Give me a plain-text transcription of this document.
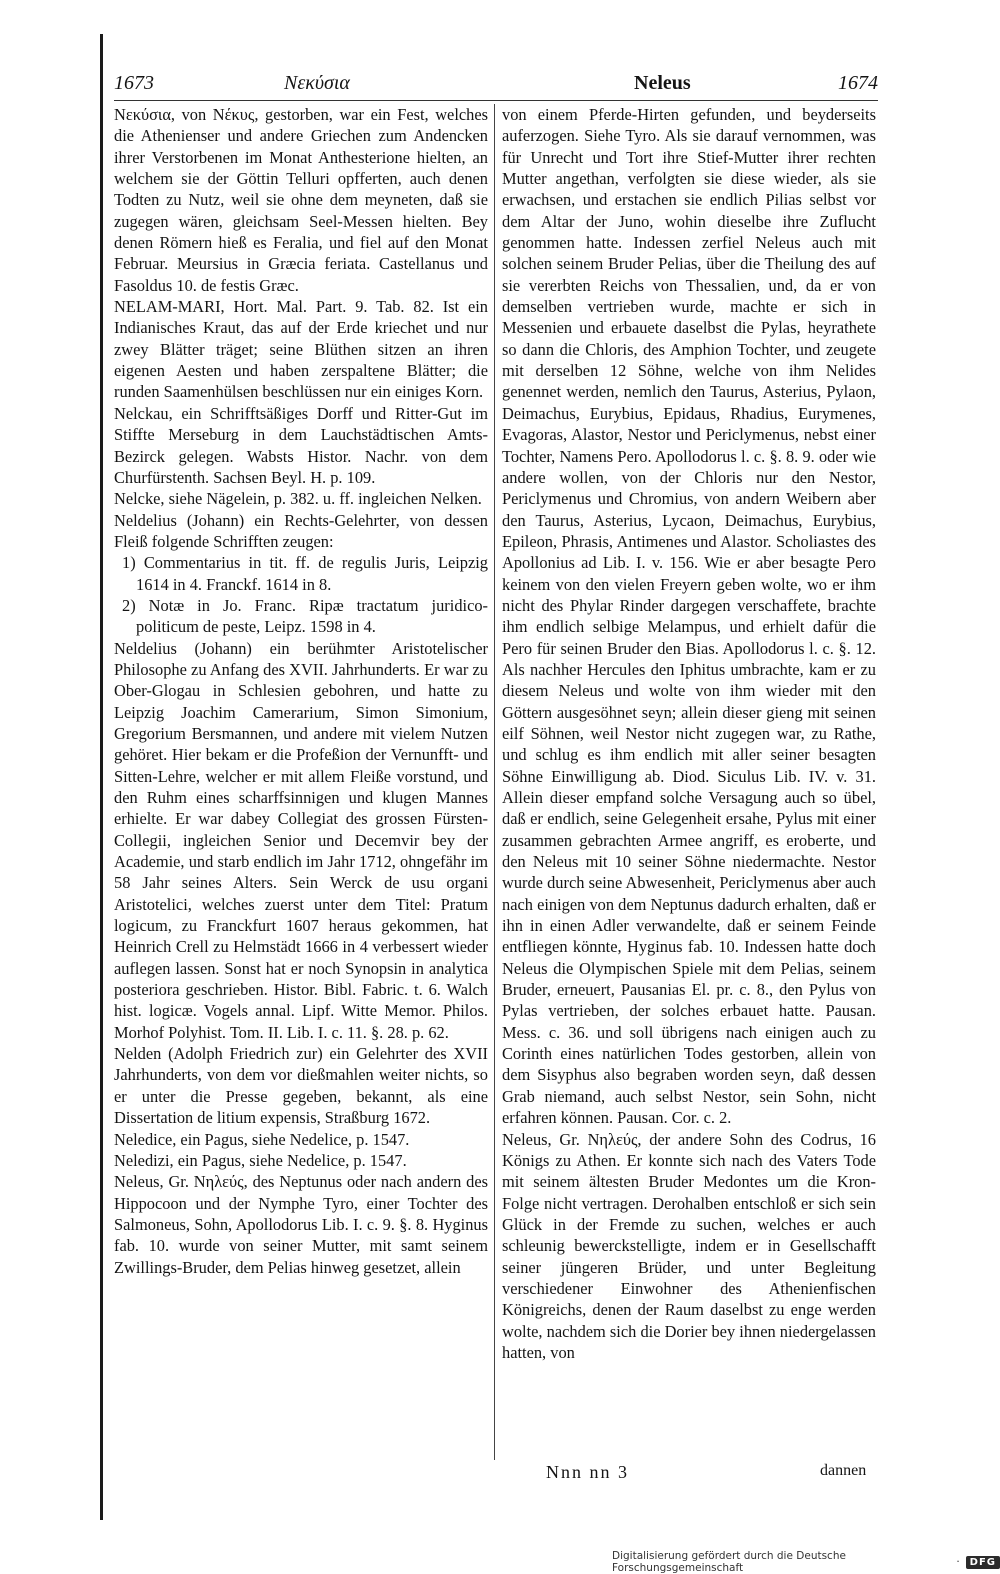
1673	Νεκύσια	Neleus	1674

Νεκύσια, von Νέκυς, gestorben, war ein Fest, welches die Athenienser und andere Griechen zum Andencken ihrer Verstorbenen im Monat Anthesterione hielten, an welchem sie der Göttin Telluri opfferten, auch denen Todten zu Nutz, weil sie ohne dem meyneten, daß sie zugegen wären, gleichsam Seel-Messen hielten. Bey denen Römern hieß es Feralia, und fiel auf den Monat Februar. Meursius in Græcia feriata. Castellanus und Fasoldus 10. de festis Græc.

NELAM-MARI, Hort. Mal. Part. 9. Tab. 82. Ist ein Indianisches Kraut, das auf der Erde kriechet und nur zwey Blätter träget; seine Blüthen sitzen an ihren eigenen Aesten und haben zerspaltene Blätter; die runden Saamenhülsen beschlüssen nur ein einiges Korn.

Nelckau, ein Schrifftsäßiges Dorff und Ritter-Gut im Stiffte Merseburg in dem Lauchstädtischen Amts-Bezirck gelegen. Wabsts Histor. Nachr. von dem Churfürstenth. Sachsen Beyl. H. p. 109.

Nelcke, siehe Nägelein, p. 382. u. ff. ingleichen Nelken.

Neldelius (Johann) ein Rechts-Gelehrter, von dessen Fleiß folgende Schrifften zeugen:

1) Commentarius in tit. ff. de regulis Juris, Leipzig 1614 in 4. Franckf. 1614 in 8.

2) Notæ in Jo. Franc. Ripæ tractatum juridico-politicum de peste, Leipz. 1598 in 4.

Neldelius (Johann) ein berühmter Aristotelischer Philosophe zu Anfang des XVII. Jahrhunderts. Er war zu Ober-Glogau in Schlesien gebohren, und hatte zu Leipzig Joachim Camerarium, Simon Simonium, Gregorium Bersmannen, und andere mit vielem Nutzen gehöret. Hier bekam er die Profeßion der Vernunfft- und Sitten-Lehre, welcher er mit allem Fleiße vorstund, und den Ruhm eines scharffsinnigen und klugen Mannes erhielte. Er war dabey Collegiat des grossen Fürsten-Collegii, ingleichen Senior und Decemvir bey der Academie, und starb endlich im Jahr 1712, ohngefähr im 58 Jahr seines Alters. Sein Werck de usu organi Aristotelici, welches zuerst unter dem Titel: Pratum logicum, zu Franckfurt 1607 heraus gekommen, hat Heinrich Crell zu Helmstädt 1666 in 4 verbessert wieder auflegen lassen. Sonst hat er noch Synopsin in analytica posteriora geschrieben. Histor. Bibl. Fabric. t. 6. Walch hist. logicæ. Vogels annal. Lipf. Witte Memor. Philos. Morhof Polyhist. Tom. II. Lib. I. c. 11. §. 28. p. 62.

Nelden (Adolph Friedrich zur) ein Gelehrter des XVII Jahrhunderts, von dem vor dießmahlen weiter nichts, so er unter die Presse gegeben, bekannt, als eine Dissertation de litium expensis, Straßburg 1672.

Neledice, ein Pagus, siehe Nedelice, p. 1547.

Neledizi, ein Pagus, siehe Nedelice, p. 1547.

Neleus, Gr. Νηλεύς, des Neptunus oder nach andern des Hippocoon und der Nymphe Tyro, einer Tochter des Salmoneus, Sohn, Apollodorus Lib. I. c. 9. §. 8. Hyginus fab. 10. wurde von seiner Mutter, mit samt seinem Zwillings-Bruder, dem Pelias hinweg gesetzet, allein

von einem Pferde-Hirten gefunden, und beyderseits auferzogen. Siehe Tyro. Als sie darauf vernommen, was für Unrecht und Tort ihre Stief-Mutter ihrer rechten Mutter angethan, verfolgten sie diese wieder, als sie erwachsen, und erstachen sie endlich Pilias selbst vor dem Altar der Juno, wohin dieselbe ihre Zuflucht genommen hatte. Indessen zerfiel Neleus auch mit solchen seinem Bruder Pelias, über die Theilung des auf sie vererbten Reichs von Thessalien, und, da er von demselben vertrieben wurde, machte er sich in Messenien und erbauete daselbst die Pylas, heyrathete so dann die Chloris, des Amphion Tochter, und zeugete mit derselben 12 Söhne, welche von ihm Nelides genennet werden, nemlich den Taurus, Asterius, Pylaon, Deimachus, Eurybius, Epidaus, Rhadius, Eurymenes, Evagoras, Alastor, Nestor und Periclymenus, nebst einer Tochter, Namens Pero. Apollodorus l. c. §. 8. 9. oder wie andere wollen, von der Chloris nur den Nestor, Periclymenus und Chromius, von andern Weibern aber den Taurus, Asterius, Lycaon, Deimachus, Eurybius, Epileon, Phrasis, Antimenes und Alastor. Scholiastes des Apollonius ad Lib. I. v. 156. Wie er aber besagte Pero keinem von den vielen Freyern geben wolte, wo er ihm nicht des Phylar Rinder dargegen verschaffete, brachte ihm endlich selbige Melampus, und erhielt dafür die Pero für seinen Bruder den Bias. Apollodorus l. c. §. 12. Als nachher Hercules den Iphitus umbrachte, kam er zu diesem Neleus und wolte von ihm wieder mit den Göttern ausgesöhnet seyn; allein dieser gieng mit seinen eilf Söhnen, weil Nestor nicht zugegen war, zu Rathe, und schlug es ihm endlich mit aller seiner besagten Söhne Einwilligung ab. Diod. Siculus Lib. IV. v. 31. Allein dieser empfand solche Versagung auch so übel, daß er endlich, seine Gelegenheit ersahe, Pylus mit einer zusammen gebrachten Armee angriff, es eroberte, und den Neleus mit 10 seiner Söhne niedermachte. Nestor wurde durch seine Abwesenheit, Periclymenus aber auch nach einigen von dem Neptunus dadurch erhalten, daß er ihn in einen Adler verwandelte, daß er seinem Feinde entfliegen könnte, Hyginus fab. 10. Indessen hatte doch Neleus die Olympischen Spiele mit dem Pelias, seinem Bruder, erneuert, Pausanias El. pr. c. 8., den Pylus von Pylas vertrieben, der solches erbauet hatte. Pausan. Mess. c. 36. und soll übrigens nach einigen auch zu Corinth eines natürlichen Todes gestorben, allein von dem Sisyphus also begraben worden seyn, daß dessen Grab niemand, auch selbst Nestor, sein Sohn, nicht erfahren können. Pausan. Cor. c. 2.

Neleus, Gr. Νηλεύς, der andere Sohn des Codrus, 16 Königs zu Athen. Er konnte sich nach des Vaters Tode mit seinem ältesten Bruder Medontes um die Kron-Folge nicht vertragen. Derohalben entschloß er sich sein Glück in der Fremde zu suchen, welches er auch schleunig bewerckstelligte, indem er in Gesellschafft seiner jüngeren Brüder, und unter Begleitung verschiedener Einwohner des Athenienfischen Königreichs, denen der Raum daselbst zu enge werden wolte, nachdem sich die Dorier bey ihnen niedergelassen hatten, von

Nnn nn 3	dannen
Digitalisierung gefördert durch die Deutsche Forschungsgemeinschaft	·	DFG
